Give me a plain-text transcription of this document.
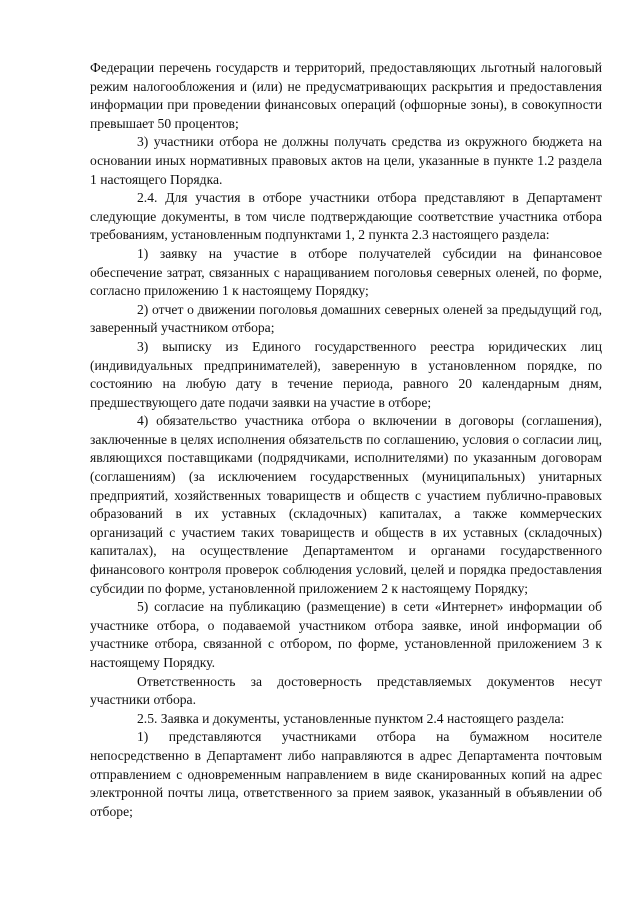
Федерации перечень государств и территорий, предоставляющих льготный налоговый режим налогообложения и (или) не предусматривающих раскрытия и предоставления информации при проведении финансовых операций (офшорные зоны), в совокупности превышает 50 процентов;

3) участники отбора не должны получать средства из окружного бюджета на основании иных нормативных правовых актов на цели, указанные в пункте 1.2 раздела 1 настоящего Порядка.

2.4. Для участия в отборе участники отбора представляют в Департамент следующие документы, в том числе подтверждающие соответствие участника отбора требованиям, установленным подпунктами 1, 2 пункта 2.3 настоящего раздела:

1) заявку на участие в отборе получателей субсидии на финансовое обеспечение затрат, связанных с наращиванием поголовья северных оленей, по форме, согласно приложению 1 к настоящему Порядку;

2) отчет о движении поголовья домашних северных оленей за предыдущий год, заверенный участником отбора;

3) выписку из Единого государственного реестра юридических лиц (индивидуальных предпринимателей), заверенную в установленном порядке, по состоянию на любую дату в течение периода, равного 20 календарным дням, предшествующего дате подачи заявки на участие в отборе;

4) обязательство участника отбора о включении в договоры (соглашения), заключенные в целях исполнения обязательств по соглашению, условия о согласии лиц, являющихся поставщиками (подрядчиками, исполнителями) по указанным договорам (соглашениям) (за исключением государственных (муниципальных) унитарных предприятий, хозяйственных товариществ и обществ с участием публично-правовых образований в их уставных (складочных) капиталах, а также коммерческих организаций с участием таких товариществ и обществ в их уставных (складочных) капиталах), на осуществление Департаментом и органами государственного финансового контроля проверок соблюдения условий, целей и порядка предоставления субсидии по форме, установленной приложением 2 к настоящему Порядку;

5) согласие на публикацию (размещение) в сети «Интернет» информации об участнике отбора, о подаваемой участником отбора заявке, иной информации об участнике отбора, связанной с отбором, по форме, установленной приложением 3 к настоящему Порядку.

Ответственность за достоверность представляемых документов несут участники отбора.

2.5. Заявка и документы, установленные пунктом 2.4 настоящего раздела:

1) представляются участниками отбора на бумажном носителе непосредственно в Департамент либо направляются в адрес Департамента почтовым отправлением с одновременным направлением в виде сканированных копий на адрес электронной почты лица, ответственного за прием заявок, указанный в объявлении об отборе;
